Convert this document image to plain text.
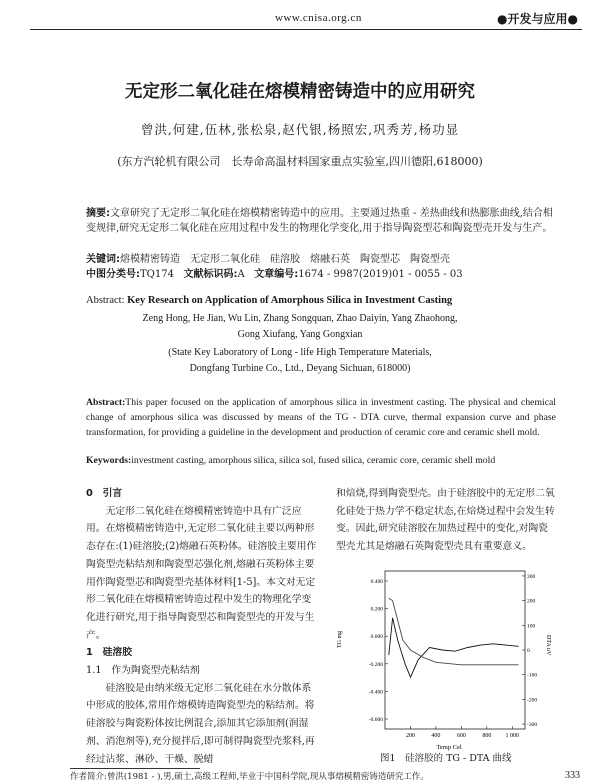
www.cnisa.org.cn	●开发与应用●
无定形二氧化硅在熔模精密铸造中的应用研究
曾洪,何建,伍林,张松泉,赵代银,杨照宏,巩秀芳,杨功显
(东方汽轮机有限公司　长寿命高温材料国家重点实验室,四川德阳,618000)
摘要:文章研究了无定形二氧化硅在熔模精密铸造中的应用。主要通过热重 - 差热曲线和热膨胀曲线,结合相变规律,研究无定形二氧化硅在应用过程中发生的物理化学变化,用于指导陶瓷型芯和陶瓷型壳开发与生产。
关键词:熔模精密铸造　无定形二氧化硅　硅溶胶　熔融石英　陶瓷型芯　陶瓷型壳
中图分类号:TQ174 文献标识码:A 文章编号:1674 - 9987(2019)01 - 0055 - 03
Abstract: Key Research on Application of Amorphous Silica in Investment Casting
Zeng Hong, He Jian, Wu Lin, Zhang Songquan, Zhao Daiyin, Yang Zhaohong,
Gong Xiufang, Yang Gongxian
(State Key Laboratory of Long - life High Temperature Materials,
Dongfang Turbine Co., Ltd., Deyang Sichuan, 618000)
Abstract:This paper focused on the application of amorphous silica in investment casting. The physical and chemical change of amorphous silica was discussed by means of the TG - DTA curve, thermal expansion curve and phase transformation, for providing a guideline in the development and production of ceramic core and ceramic shell mold.
Keywords:investment casting, amorphous silica, silica sol, fused silica, ceramic core, ceramic shell mold
0　引言
无定形二氧化硅在熔模精密铸造中具有广泛应用。在熔模精密铸造中,无定形二氧化硅主要以两种形态存在:(1)硅溶胶;(2)熔融石英粉体。硅溶胶主要用作陶瓷型壳粘结剂和陶瓷型芯强化剂,熔融石英粉体主要用作陶瓷型芯和陶瓷型壳基体材料[1-5]。本文对无定形二氧化硅在熔模精密铸造过程中发生的物理化学变化进行研究,用于指导陶瓷型芯和陶瓷型壳的开发与生产。
1　硅溶胶
1.1　作为陶瓷型壳粘结剂
硅溶胶是由纳米级无定形二氧化硅在水分散体系中形成的胶体,常用作熔模铸造陶瓷型壳的粘结剂。将硅溶胶与陶瓷粉体按比例混合,添加其它添加剂(润湿剂、消泡剂等),充分搅拌后,即可制得陶瓷型壳浆料,再经过沾浆、淋砂、干燥、脱蜡
和焙烧,得到陶瓷型壳。由于硅溶胶中的无定形二氧化硅处于热力学不稳定状态,在焙烧过程中会发生转变。因此,研究硅溶胶在加热过程中的变化,对陶瓷型壳尤其是熔融石英陶瓷型壳具有重要意义。
TG mg	DTA uV
Temp Cel
200	400	600	800 1 000
300
200
100
0
-100
-200
-300
0.400
0.200
0.000
-0.200
-0.400
-0.600
图1　硅溶胶的 TG - DTA 曲线
作者简介:曾洪(1981 - ),男,硕士,高级工程师,毕业于中国科学院,现从事熔模精密铸造研究工作。	333
